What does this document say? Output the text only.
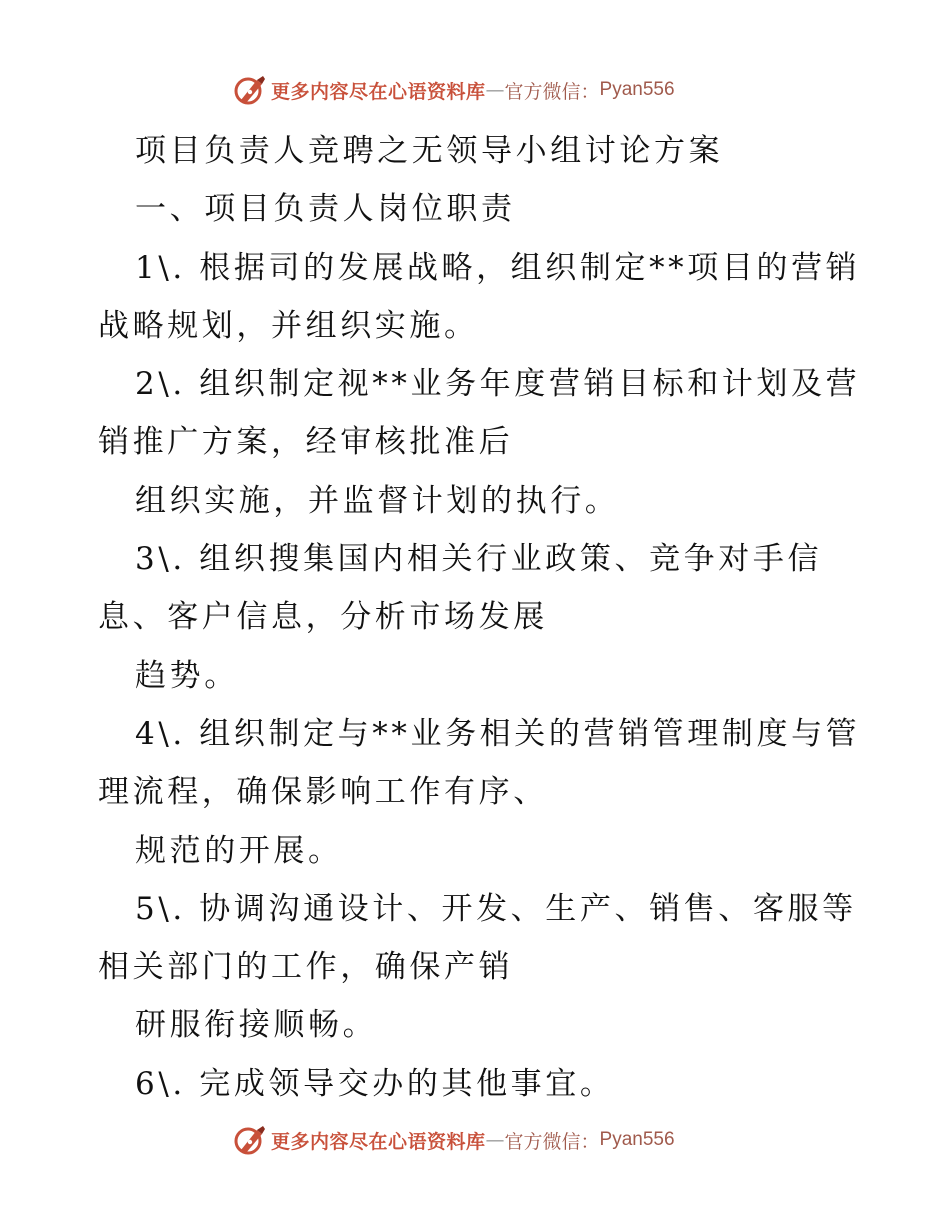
更多内容尽在心语资料库 — 官方微信： Pyan556
项目负责人竞聘之无领导小组讨论方案
一、项目负责人岗位职责
1\. 根据司的发展战略，组织制定**项目的营销
战略规划，并组织实施。
2\. 组织制定视**业务年度营销目标和计划及营
销推广方案，经审核批准后
组织实施，并监督计划的执行。
3\. 组织搜集国内相关行业政策、竞争对手信
息、客户信息，分析市场发展
趋势。
4\. 组织制定与**业务相关的营销管理制度与管
理流程，确保影响工作有序、
规范的开展。
5\. 协调沟通设计、开发、生产、销售、客服等
相关部门的工作，确保产销
研服衔接顺畅。
6\. 完成领导交办的其他事宜。
更多内容尽在心语资料库 — 官方微信： Pyan556
